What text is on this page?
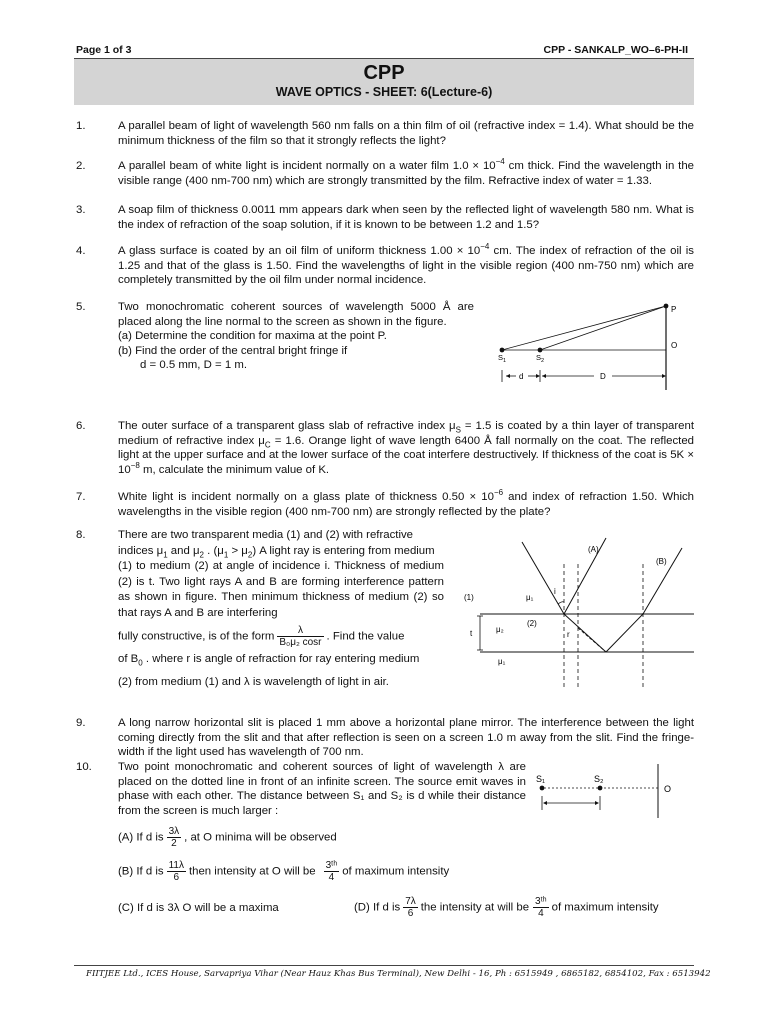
Page 1 of 3	CPP - SANKALP_WO–6-PH-II
CPP
WAVE OPTICS - SHEET: 6(Lecture-6)
1.	A parallel beam of light of wavelength 560 nm falls on a thin film of oil (refractive index = 1.4). What should be the minimum thickness of the film so that it strongly reflects the light?
2.	A parallel beam of white light is incident normally on a water film $1.0 \times 10^{-4}$ cm thick. Find the wavelength in the visible range (400 nm-700 nm) which are strongly transmitted by the film. Refractive index of water = 1.33.
3.	A soap film of thickness 0.0011 mm appears dark when seen by the reflected light of wavelength 580 nm. What is the index of refraction of the soap solution, if it is known to be between 1.2 and 1.5?
4.	A glass surface is coated by an oil film of uniform thickness $1.00 \times 10^{-4}$ cm. The index of refraction of the oil is 1.25 and that of the glass is 1.50. Find the wavelengths of light in the visible region (400 nm-750 nm) which are completely transmitted by the oil film under normal incidence.
5.	Two monochromatic coherent sources of wavelength 5000 Å are placed along the line normal to the screen as shown in the figure.
(a) Determine the condition for maxima at the point P.
(b) Find the order of the central bright fringe if
d = 0.5 mm, D = 1 m.
P
O
$S_1$	$S_2$
d	D
6.	The outer surface of a transparent glass slab of refractive index $\mu_S = 1.5$ is coated by a thin layer of transparent medium of refractive index $\mu_C = 1.6$. Orange light of wave length 6400 Å fall normally on the coat. The reflected light at the upper surface and at the lower surface of the coat interfere destructively. If thickness of the coat is $5K \times 10^{-8}$ m, calculate the minimum value of K.
7.	White light is incident normally on a glass plate of thickness $0.50 \times 10^{-6}$ and index of refraction 1.50. Which wavelengths in the visible region (400 nm-700 nm) are strongly reflected by the plate?
8.	There are two transparent media (1) and (2) with refractive
indices $\mu_1$ and $\mu_2$ . $(\mu_1 > \mu_2)$ A light ray is entering from medium
(1) to medium (2) at angle of incidence i. Thickness of medium (2) is t. Two light rays A and B are forming interference pattern as shown in figure. Then minimum thickness of medium (2) so that rays A and B are interfering
fully constructive, is of the form $\frac{\lambda}{\text{B₀μ₂ cosr}}$ . Find the value
of $B_0$ . where r is angle of refraction for ray entering medium
(2) from medium (1) and λ is wavelength of light in air.
(A)
(B)
(1)	μ₁
μ₂
(2)
μ₁
i
r
t
9.	A long narrow horizontal slit is placed 1 mm above a horizontal plane mirror. The interference between the light coming directly from the slit and that after reflection is seen on a screen 1.0 m away from the slit. Find the fringe-width if the light used has wavelength of 700 nm.
10. Two point monochromatic and coherent sources of light of wavelength λ are placed on the dotted line in front of an infinite screen. The source emit waves in phase with each other. The distance between S₁ and S₂ is d while their distance from the screen is much larger :
S₁	S₂
O
(A) If d is $\frac{3\lambda}{2}$ , at O minima will be observed
(B) If d is $\frac{11\lambda}{6}$ then intensity at O will be $\frac{\text{3ᵗʰ}}{4}$ of maximum intensity
(C) If d is 3λ O will be a maxima	(D) If d is $\frac{7\lambda}{6}$ the intensity at will be $\frac{\text{3ᵗʰ}}{4}$ of maximum intensity
FIITJEE Ltd., ICES House, Sarvapriya Vihar (Near Hauz Khas Bus Terminal), New Delhi - 16, Ph : 6515949 , 6865182, 6854102, Fax : 6513942
